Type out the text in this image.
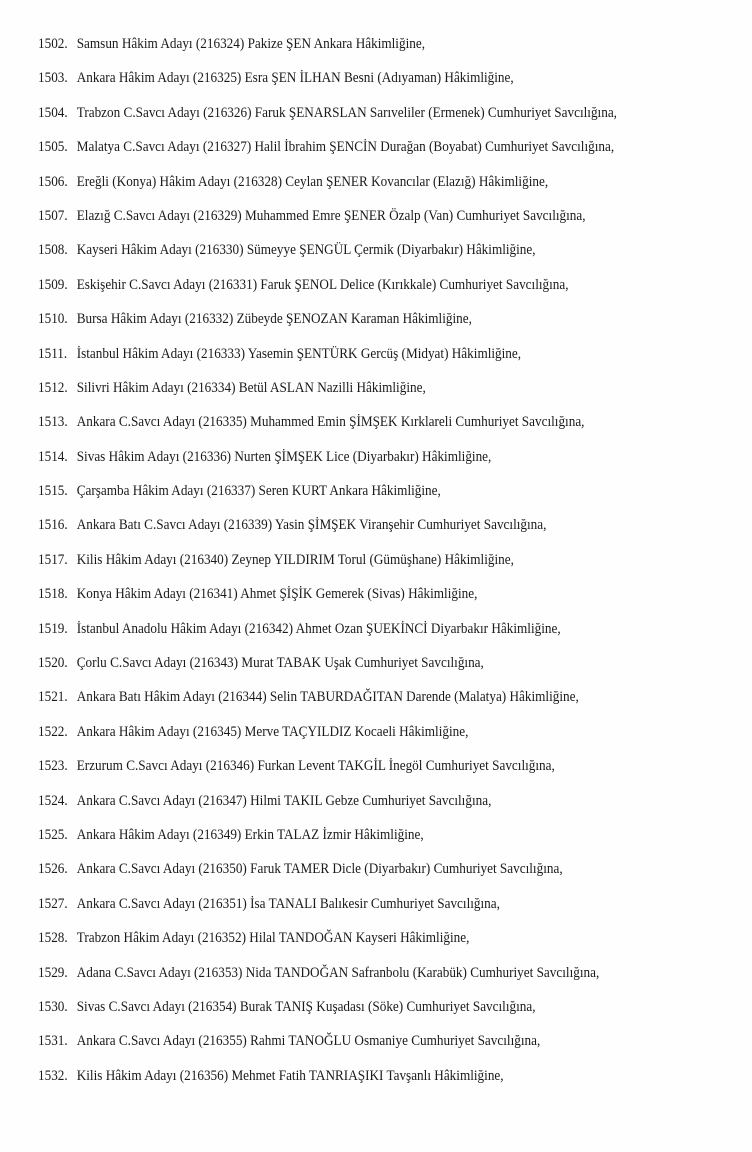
1502. Samsun Hâkim Adayı (216324) Pakize ŞEN Ankara Hâkimliğine,
1503. Ankara Hâkim Adayı (216325) Esra ŞEN İLHAN Besni (Adıyaman) Hâkimliğine,
1504. Trabzon C.Savcı Adayı (216326) Faruk ŞENARSLAN Sarıveliler (Ermenek) Cumhuriyet Savcılığına,
1505. Malatya C.Savcı Adayı (216327) Halil İbrahim ŞENCİN Durağan (Boyabat) Cumhuriyet Savcılığına,
1506. Ereğli (Konya) Hâkim Adayı (216328) Ceylan ŞENER Kovancılar (Elazığ) Hâkimliğine,
1507. Elazığ C.Savcı Adayı (216329) Muhammed Emre ŞENER Özalp (Van) Cumhuriyet Savcılığına,
1508. Kayseri Hâkim Adayı (216330) Sümeyye ŞENGÜL Çermik (Diyarbakır) Hâkimliğine,
1509. Eskişehir C.Savcı Adayı (216331) Faruk ŞENOL Delice (Kırıkkale) Cumhuriyet Savcılığına,
1510. Bursa Hâkim Adayı (216332) Zübeyde ŞENOZAN Karaman Hâkimliğine,
1511. İstanbul Hâkim Adayı (216333) Yasemin ŞENTÜRK Gercüş (Midyat) Hâkimliğine,
1512. Silivri Hâkim Adayı (216334) Betül ASLAN Nazilli Hâkimliğine,
1513. Ankara C.Savcı Adayı (216335) Muhammed Emin ŞİMŞEK Kırklareli Cumhuriyet Savcılığına,
1514. Sivas Hâkim Adayı (216336) Nurten ŞİMŞEK Lice (Diyarbakır) Hâkimliğine,
1515. Çarşamba Hâkim Adayı (216337) Seren KURT Ankara Hâkimliğine,
1516. Ankara Batı C.Savcı Adayı (216339) Yasin ŞİMŞEK Viranşehir Cumhuriyet Savcılığına,
1517. Kilis Hâkim Adayı (216340) Zeynep YILDIRIM Torul (Gümüşhane) Hâkimliğine,
1518. Konya Hâkim Adayı (216341) Ahmet ŞİŞİK Gemerek (Sivas) Hâkimliğine,
1519. İstanbul Anadolu Hâkim Adayı (216342) Ahmet Ozan ŞUEKİNCİ Diyarbakır Hâkimliğine,
1520. Çorlu C.Savcı Adayı (216343) Murat TABAK Uşak Cumhuriyet Savcılığına,
1521. Ankara Batı Hâkim Adayı (216344) Selin TABURDAĞITAN Darende (Malatya) Hâkimliğine,
1522. Ankara Hâkim Adayı (216345) Merve TAÇYILDIZ Kocaeli Hâkimliğine,
1523. Erzurum C.Savcı Adayı (216346) Furkan Levent TAKGİL İnegöl Cumhuriyet Savcılığına,
1524. Ankara C.Savcı Adayı (216347) Hilmi TAKIL Gebze Cumhuriyet Savcılığına,
1525. Ankara Hâkim Adayı (216349) Erkin TALAZ İzmir Hâkimliğine,
1526. Ankara C.Savcı Adayı (216350) Faruk TAMER Dicle (Diyarbakır) Cumhuriyet Savcılığına,
1527. Ankara C.Savcı Adayı (216351) İsa TANALI Balıkesir Cumhuriyet Savcılığına,
1528. Trabzon Hâkim Adayı (216352) Hilal TANDOĞAN Kayseri Hâkimliğine,
1529. Adana C.Savcı Adayı (216353) Nida TANDOĞAN Safranbolu (Karabük) Cumhuriyet Savcılığına,
1530. Sivas C.Savcı Adayı (216354) Burak TANIŞ Kuşadası (Söke) Cumhuriyet Savcılığına,
1531. Ankara C.Savcı Adayı (216355) Rahmi TANOĞLU Osmaniye Cumhuriyet Savcılığına,
1532. Kilis Hâkim Adayı (216356) Mehmet Fatih TANRIAŞIKI Tavşanlı Hâkimliğine,
